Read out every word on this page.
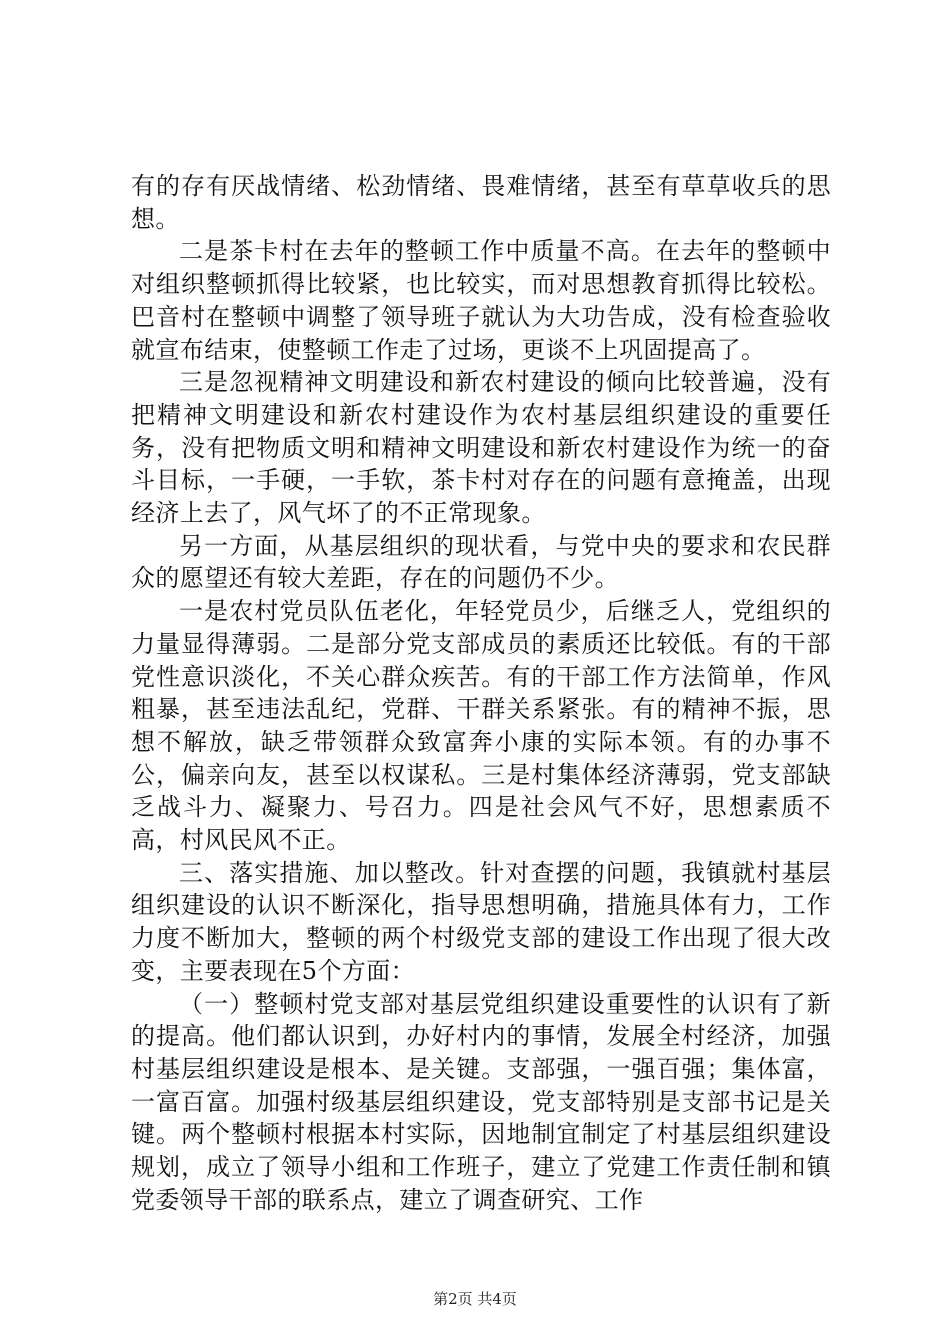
有的存有厌战情绪、松劲情绪、畏难情绪，甚至有草草收兵的思想。

二是茶卡村在去年的整顿工作中质量不高。在去年的整顿中对组织整顿抓得比较紧，也比较实，而对思想教育抓得比较松。巴音村在整顿中调整了领导班子就认为大功告成，没有检查验收就宣布结束，使整顿工作走了过场，更谈不上巩固提高了。

三是忽视精神文明建设和新农村建设的倾向比较普遍，没有把精神文明建设和新农村建设作为农村基层组织建设的重要任务，没有把物质文明和精神文明建设和新农村建设作为统一的奋斗目标，一手硬，一手软，茶卡村对存在的问题有意掩盖，出现经济上去了，风气坏了的不正常现象。

另一方面，从基层组织的现状看，与党中央的要求和农民群众的愿望还有较大差距，存在的问题仍不少。

一是农村党员队伍老化，年轻党员少，后继乏人，党组织的力量显得薄弱。二是部分党支部成员的素质还比较低。有的干部党性意识淡化，不关心群众疾苦。有的干部工作方法简单，作风粗暴，甚至违法乱纪，党群、干群关系紧张。有的精神不振，思想不解放，缺乏带领群众致富奔小康的实际本领。有的办事不公，偏亲向友，甚至以权谋私。三是村集体经济薄弱，党支部缺乏战斗力、凝聚力、号召力。四是社会风气不好，思想素质不高，村风民风不正。

三、落实措施、加以整改。针对查摆的问题，我镇就村基层组织建设的认识不断深化，指导思想明确，措施具体有力，工作力度不断加大，整顿的两个村级党支部的建设工作出现了很大改变，主要表现在5个方面：

（一）整顿村党支部对基层党组织建设重要性的认识有了新的提高。他们都认识到，办好村内的事情，发展全村经济，加强村基层组织建设是根本、是关键。支部强，一强百强；集体富，一富百富。加强村级基层组织建设，党支部特别是支部书记是关键。两个整顿村根据本村实际，因地制宜制定了村基层组织建设规划，成立了领导小组和工作班子，建立了党建工作责任制和镇党委领导干部的联系点，建立了调查研究、工作

第2页 共4页
